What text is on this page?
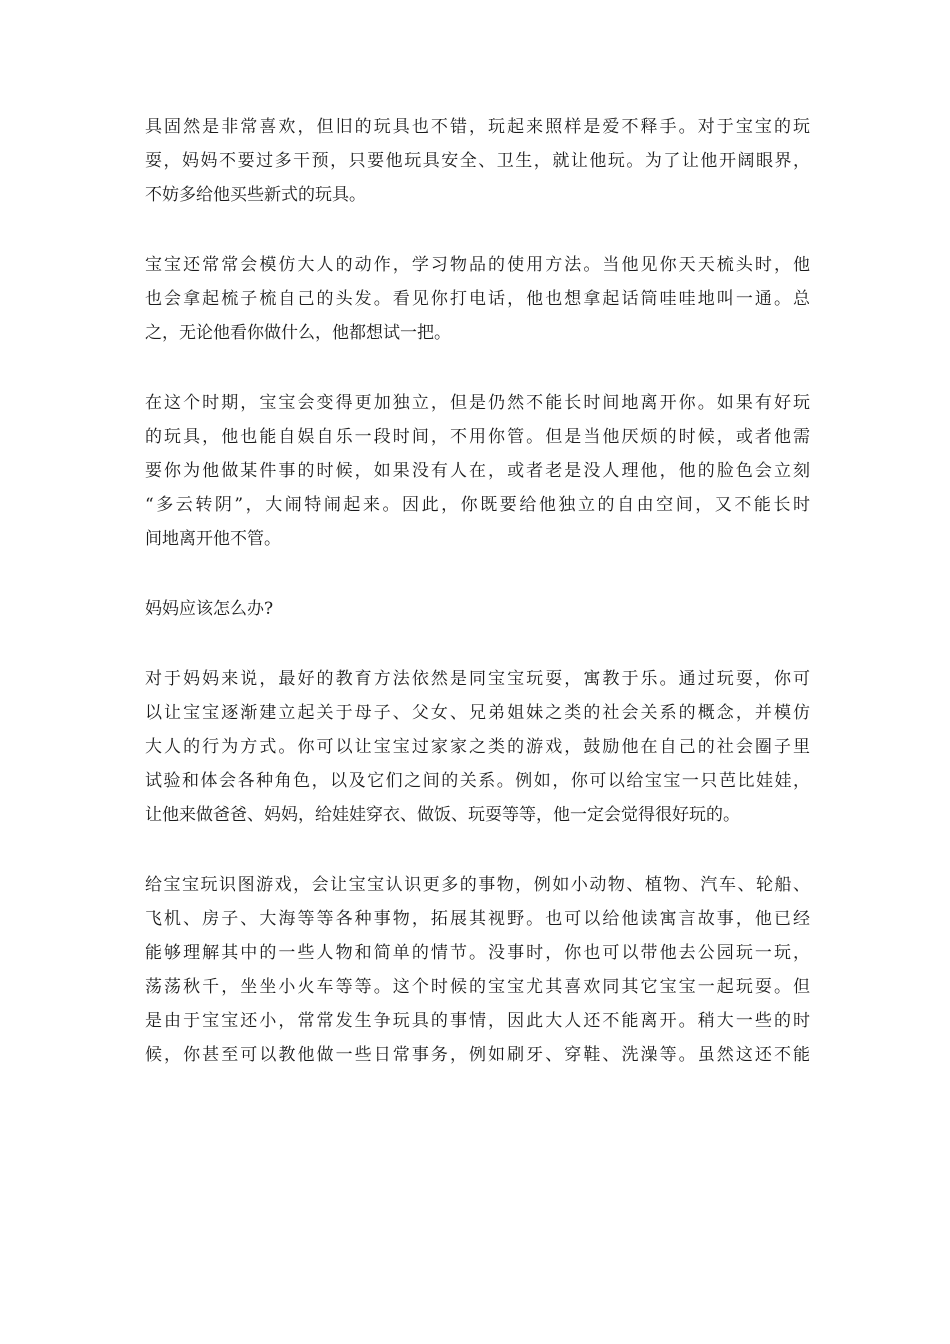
具固然是非常喜欢，但旧的玩具也不错，玩起来照样是爱不释手。对于宝宝的玩
耍，妈妈不要过多干预，只要他玩具安全、卫生，就让他玩。为了让他开阔眼界，
不妨多给他买些新式的玩具。
宝宝还常常会模仿大人的动作，学习物品的使用方法。当他见你天天梳头时，他
也会拿起梳子梳自己的头发。看见你打电话，他也想拿起话筒哇哇地叫一通。总
之，无论他看你做什么，他都想试一把。
在这个时期，宝宝会变得更加独立，但是仍然不能长时间地离开你。如果有好玩
的玩具，他也能自娱自乐一段时间，不用你管。但是当他厌烦的时候，或者他需
要你为他做某件事的时候，如果没有人在，或者老是没人理他，他的脸色会立刻
“多云转阴”，大闹特闹起来。因此，你既要给他独立的自由空间，又不能长时
间地离开他不管。
妈妈应该怎么办?
对于妈妈来说，最好的教育方法依然是同宝宝玩耍，寓教于乐。通过玩耍，你可
以让宝宝逐渐建立起关于母子、父女、兄弟姐妹之类的社会关系的概念，并模仿
大人的行为方式。你可以让宝宝过家家之类的游戏，鼓励他在自己的社会圈子里
试验和体会各种角色，以及它们之间的关系。例如，你可以给宝宝一只芭比娃娃，
让他来做爸爸、妈妈，给娃娃穿衣、做饭、玩耍等等，他一定会觉得很好玩的。
给宝宝玩识图游戏，会让宝宝认识更多的事物，例如小动物、植物、汽车、轮船、
飞机、房子、大海等等各种事物，拓展其视野。也可以给他读寓言故事，他已经
能够理解其中的一些人物和简单的情节。没事时，你也可以带他去公园玩一玩，
荡荡秋千，坐坐小火车等等。这个时候的宝宝尤其喜欢同其它宝宝一起玩耍。但
是由于宝宝还小，常常发生争玩具的事情，因此大人还不能离开。稍大一些的时
候，你甚至可以教他做一些日常事务，例如刷牙、穿鞋、洗澡等。虽然这还不能
